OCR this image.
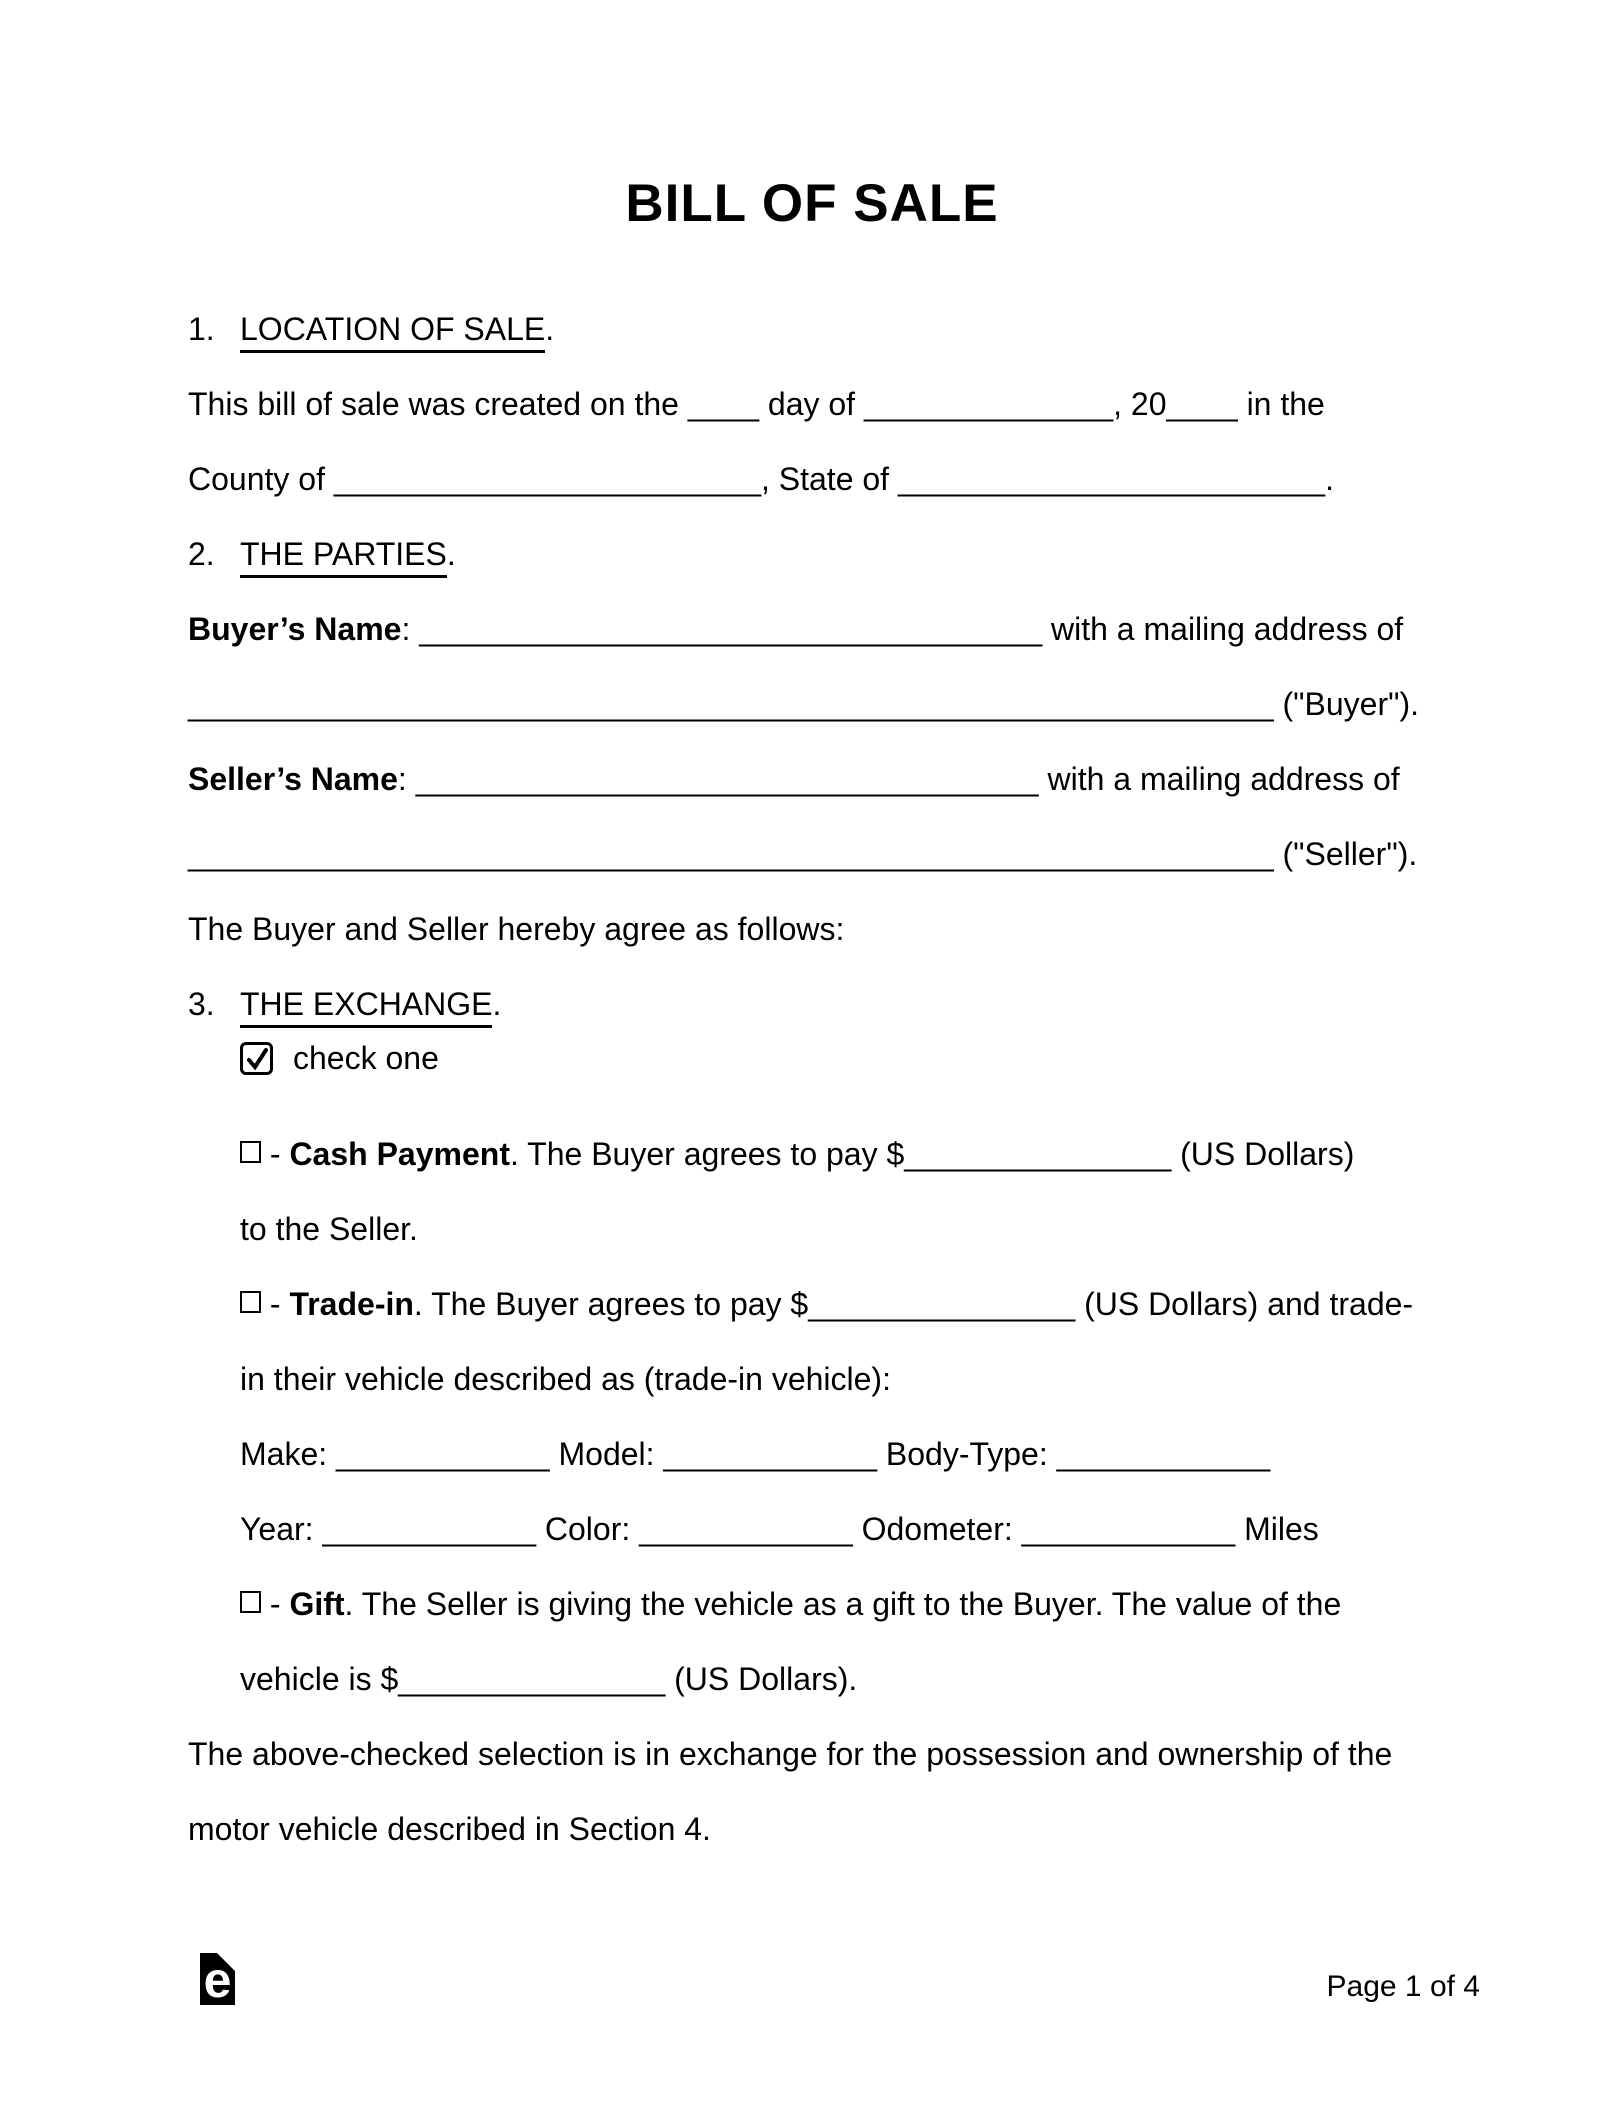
BILL OF SALE
1. LOCATION OF SALE.
This bill of sale was created on the ____ day of ______________, 20____ in the
County of ________________________, State of ________________________.
2. THE PARTIES.
Buyer’s Name: ___________________________________ with a mailing address of
_____________________________________________________________ ("Buyer").
Seller’s Name: ___________________________________ with a mailing address of
_____________________________________________________________ ("Seller").
The Buyer and Seller hereby agree as follows:
3. THE EXCHANGE.
check one
- Cash Payment. The Buyer agrees to pay $_______________ (US Dollars)
to the Seller.
- Trade-in. The Buyer agrees to pay $_______________ (US Dollars) and trade-
in their vehicle described as (trade-in vehicle):
Make: ____________ Model: ____________ Body-Type: ____________
Year: ____________ Color: ____________ Odometer: ____________ Miles
- Gift. The Seller is giving the vehicle as a gift to the Buyer. The value of the
vehicle is $_______________ (US Dollars).
The above-checked selection is in exchange for the possession and ownership of the
motor vehicle described in Section 4.
e	Page 1 of 4
